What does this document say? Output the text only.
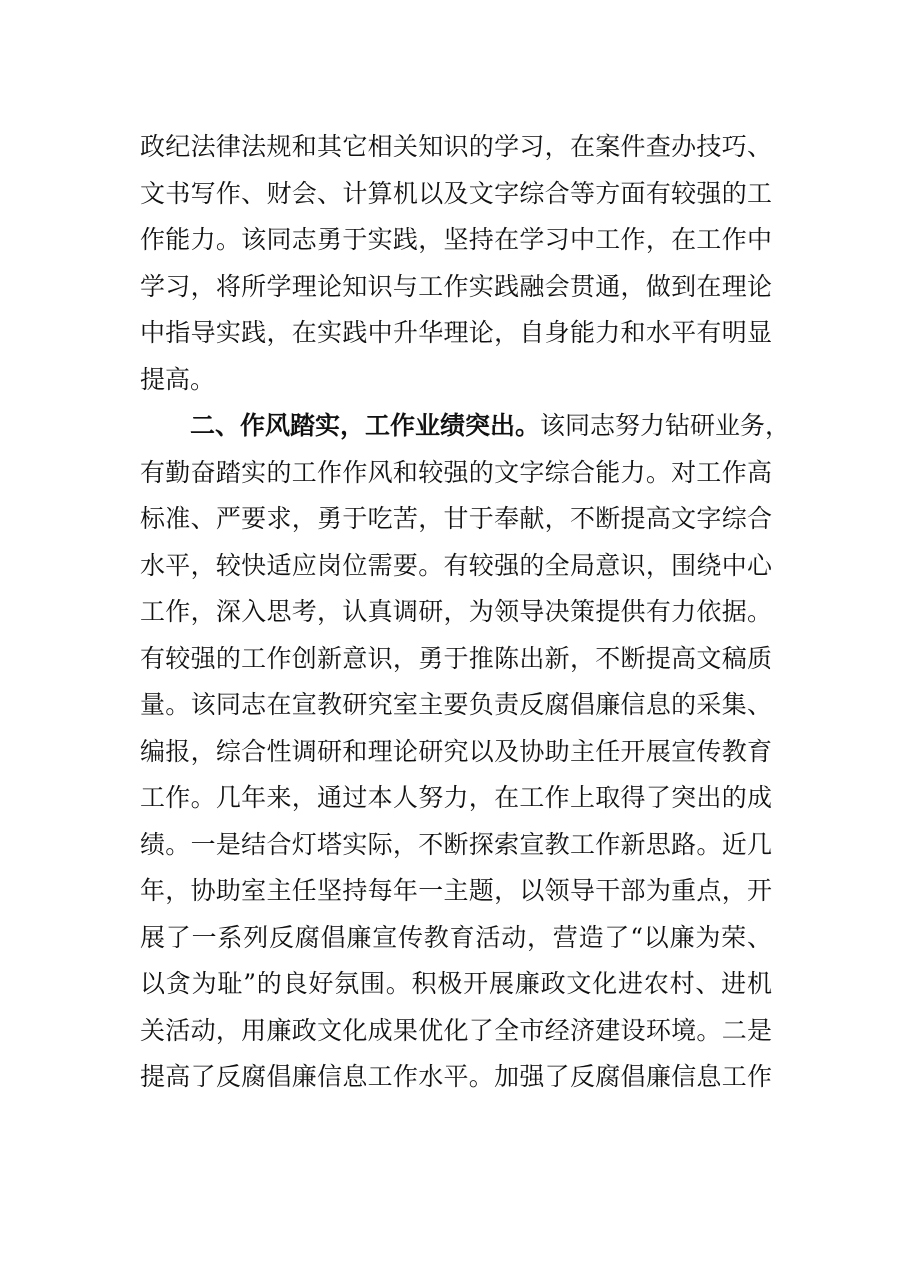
政纪法律法规和其它相关知识的学习，在案件查办技巧、
文书写作、财会、计算机以及文字综合等方面有较强的工
作能力。该同志勇于实践，坚持在学习中工作，在工作中
学习，将所学理论知识与工作实践融会贯通，做到在理论
中指导实践，在实践中升华理论，自身能力和水平有明显
提高。
二、作风踏实，工作业绩突出。该同志努力钻研业务，
有勤奋踏实的工作作风和较强的文字综合能力。对工作高
标准、严要求，勇于吃苦，甘于奉献，不断提高文字综合
水平，较快适应岗位需要。有较强的全局意识，围绕中心
工作，深入思考，认真调研，为领导决策提供有力依据。
有较强的工作创新意识，勇于推陈出新，不断提高文稿质
量。该同志在宣教研究室主要负责反腐倡廉信息的采集、
编报，综合性调研和理论研究以及协助主任开展宣传教育
工作。几年来，通过本人努力，在工作上取得了突出的成
绩。一是结合灯塔实际，不断探索宣教工作新思路。近几
年，协助室主任坚持每年一主题，以领导干部为重点，开
展了一系列反腐倡廉宣传教育活动，营造了“以廉为荣、
以贪为耻”的良好氛围。积极开展廉政文化进农村、进机
关活动，用廉政文化成果优化了全市经济建设环境。二是
提高了反腐倡廉信息工作水平。加强了反腐倡廉信息工作
